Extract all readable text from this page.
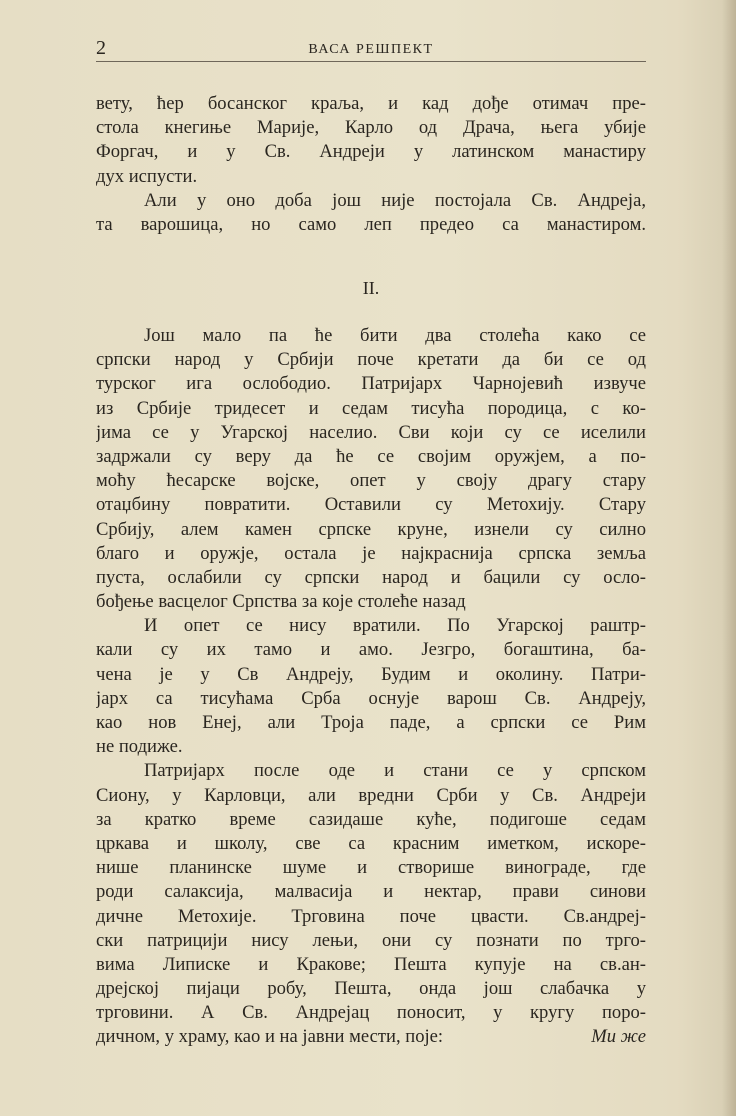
2	ВАСА РЕШПЕКТ
вету, ћер босанског краља, и кад дође отимач пре-
стола кнегиње Марије, Карло од Драча, њега убије
Форгач, и у Св. Андреји у латинском манастиру
дух испусти.
Али у оно доба још није постојала Св. Андреја,
та варошица, но само леп предео са манастиром.
II.
Још мало па ће бити два столећа како се
српски народ у Србији поче кретати да би се од
турског ига ослободио. Патријарх Чарнојевић извуче
из Србије тридесет и седам тисућа породица, с ко-
јима се у Угарској населио. Сви који су се иселили
задржали су веру да ће се својим оружјем, а по-
моћу ћесарске војске, опет у своју драгу стару
отаџбину повратити. Оставили су Метохију. Стару
Србију, алем камен српске круне, изнели су силно
благо и оружје, остала је најкраснија српска земља
пуста, ослабили су српски народ и бацили су осло-
бођење васцелог Српства за које столеће назад
И опет се нису вратили. По Угарској раштр-
кали су их тамо и амо. Језгро, богаштина, ба-
чена је у Св Андреју, Будим и околину. Патри-
јарх са тисућама Срба оснује варош Св. Андреју,
као нов Енеј, али Троја паде, а српски се Рим
не подиже.
Патријарх после оде и стани се у српском
Сиону, у Карловци, али вредни Срби у Св. Андреји
за кратко време сазидаше куће, подигоше седам
цркава и школу, све са красним иметком, искоре-
нише планинске шуме и створише винограде, где
роди салаксија, малвасија и нектар, прави синови
дичне Метохије. Трговина поче цвасти. Св.андреј-
ски патрицији нису лењи, они су познати по трго-
вима Липиске и Кракове; Пешта купује на св.ан-
дрејској пијаци робу, Пешта, онда још слабачка у
трговини. А Св. Андрејац поносит, у кругу поро-
дичном, у храму, као и на јавни мести, поје:	Ми же
